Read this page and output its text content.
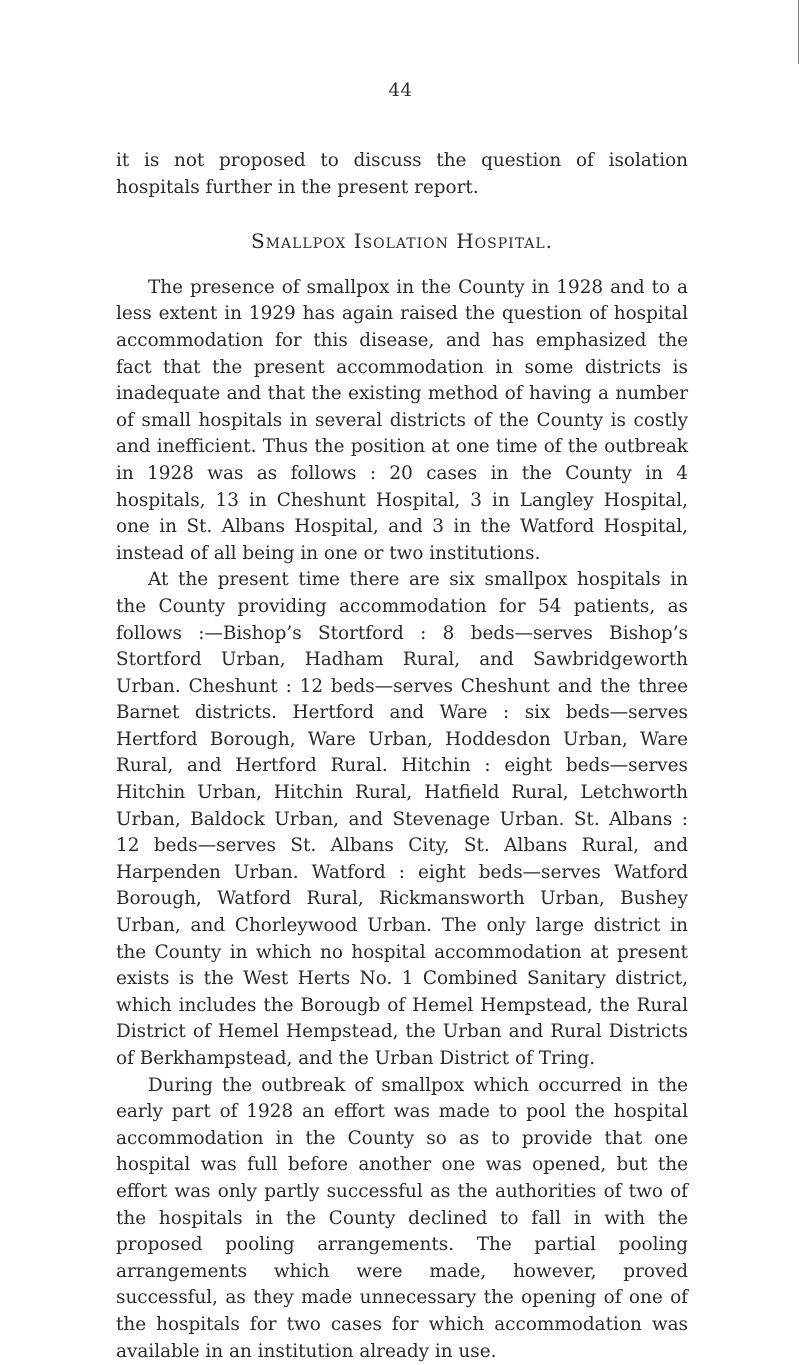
44

it is not proposed to discuss the question of isolation hospitals further in the present report.

Smallpox Isolation Hospital.

The presence of smallpox in the County in 1928 and to a less extent in 1929 has again raised the question of hospital accommodation for this disease, and has emphasized the fact that the present accommodation in some districts is inadequate and that the existing method of having a number of small hospitals in several districts of the County is costly and inefficient. Thus the position at one time of the outbreak in 1928 was as follows : 20 cases in the County in 4 hospitals, 13 in Cheshunt Hospital, 3 in Langley Hospital, one in St. Albans Hospital, and 3 in the Watford Hospital, instead of all being in one or two institutions.

At the present time there are six smallpox hospitals in the County providing accommodation for 54 patients, as follows :—Bishop’s Stortford : 8 beds—serves Bishop’s Stortford Urban, Hadham Rural, and Sawbridgeworth Urban. Cheshunt : 12 beds—serves Cheshunt and the three Barnet districts. Hertford and Ware : six beds—serves Hertford Borough, Ware Urban, Hoddesdon Urban, Ware Rural, and Hertford Rural. Hitchin : eight beds—serves Hitchin Urban, Hitchin Rural, Hatfield Rural, Letchworth Urban, Baldock Urban, and Stevenage Urban. St. Albans : 12 beds—serves St. Albans City, St. Albans Rural, and Harpenden Urban. Watford : eight beds—serves Watford Borough, Watford Rural, Rickmansworth Urban, Bushey Urban, and Chorleywood Urban. The only large district in the County in which no hospital accommodation at present exists is the West Herts No. 1 Combined Sanitary district, which includes the Borougb of Hemel Hempstead, the Rural District of Hemel Hempstead, the Urban and Rural Districts of Berkhampstead, and the Urban District of Tring.

During the outbreak of smallpox which occurred in the early part of 1928 an effort was made to pool the hospital accommodation in the County so as to provide that one hospital was full before another one was opened, but the effort was only partly successful as the authorities of two of the hospitals in the County declined to fall in with the proposed pooling arrangements. The partial pooling arrangements which were made, however, proved successful, as they made unnecessary the opening of one of the hospitals for two cases for which accommodation was available in an institution already in use.
